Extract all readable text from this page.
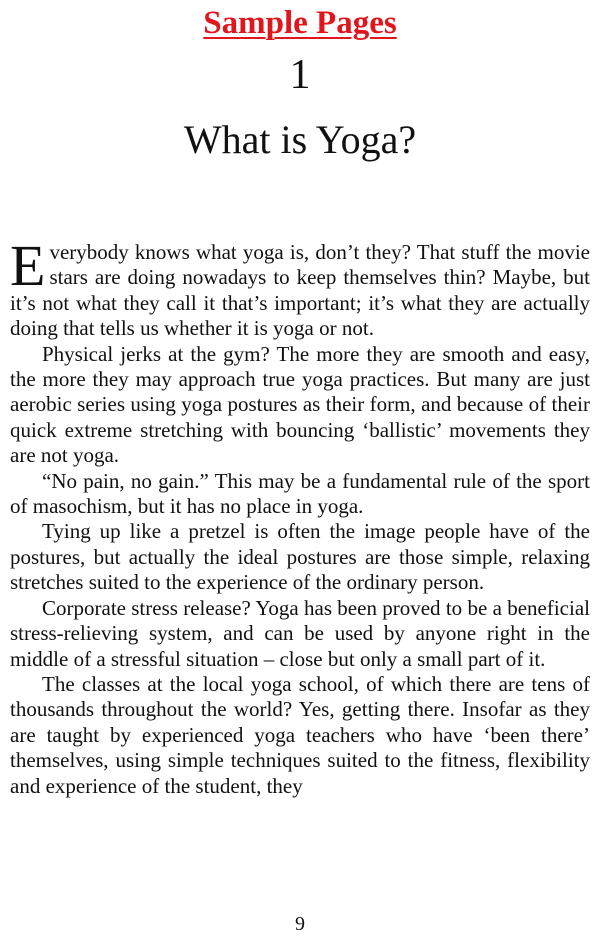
Sample Pages
1
What is Yoga?

Everybody knows what yoga is, don’t they? That stuff the movie stars are doing nowadays to keep themselves thin? Maybe, but it’s not what they call it that’s important; it’s what they are actually doing that tells us whether it is yoga or not.

Physical jerks at the gym? The more they are smooth and easy, the more they may approach true yoga practices. But many are just aerobic series using yoga postures as their form, and because of their quick extreme stretching with bouncing ‘ballistic’ movements they are not yoga.

“No pain, no gain.” This may be a fundamental rule of the sport of masochism, but it has no place in yoga.

Tying up like a pretzel is often the image people have of the postures, but actually the ideal postures are those simple, relaxing stretches suited to the experience of the ordinary person.

Corporate stress release? Yoga has been proved to be a beneficial stress-relieving system, and can be used by anyone right in the middle of a stressful situation – close but only a small part of it.

The classes at the local yoga school, of which there are tens of thousands throughout the world? Yes, getting there. Insofar as they are taught by experienced yoga teachers who have ‘been there’ themselves, using simple techniques suited to the fitness, flexibility and experience of the student, they

9
